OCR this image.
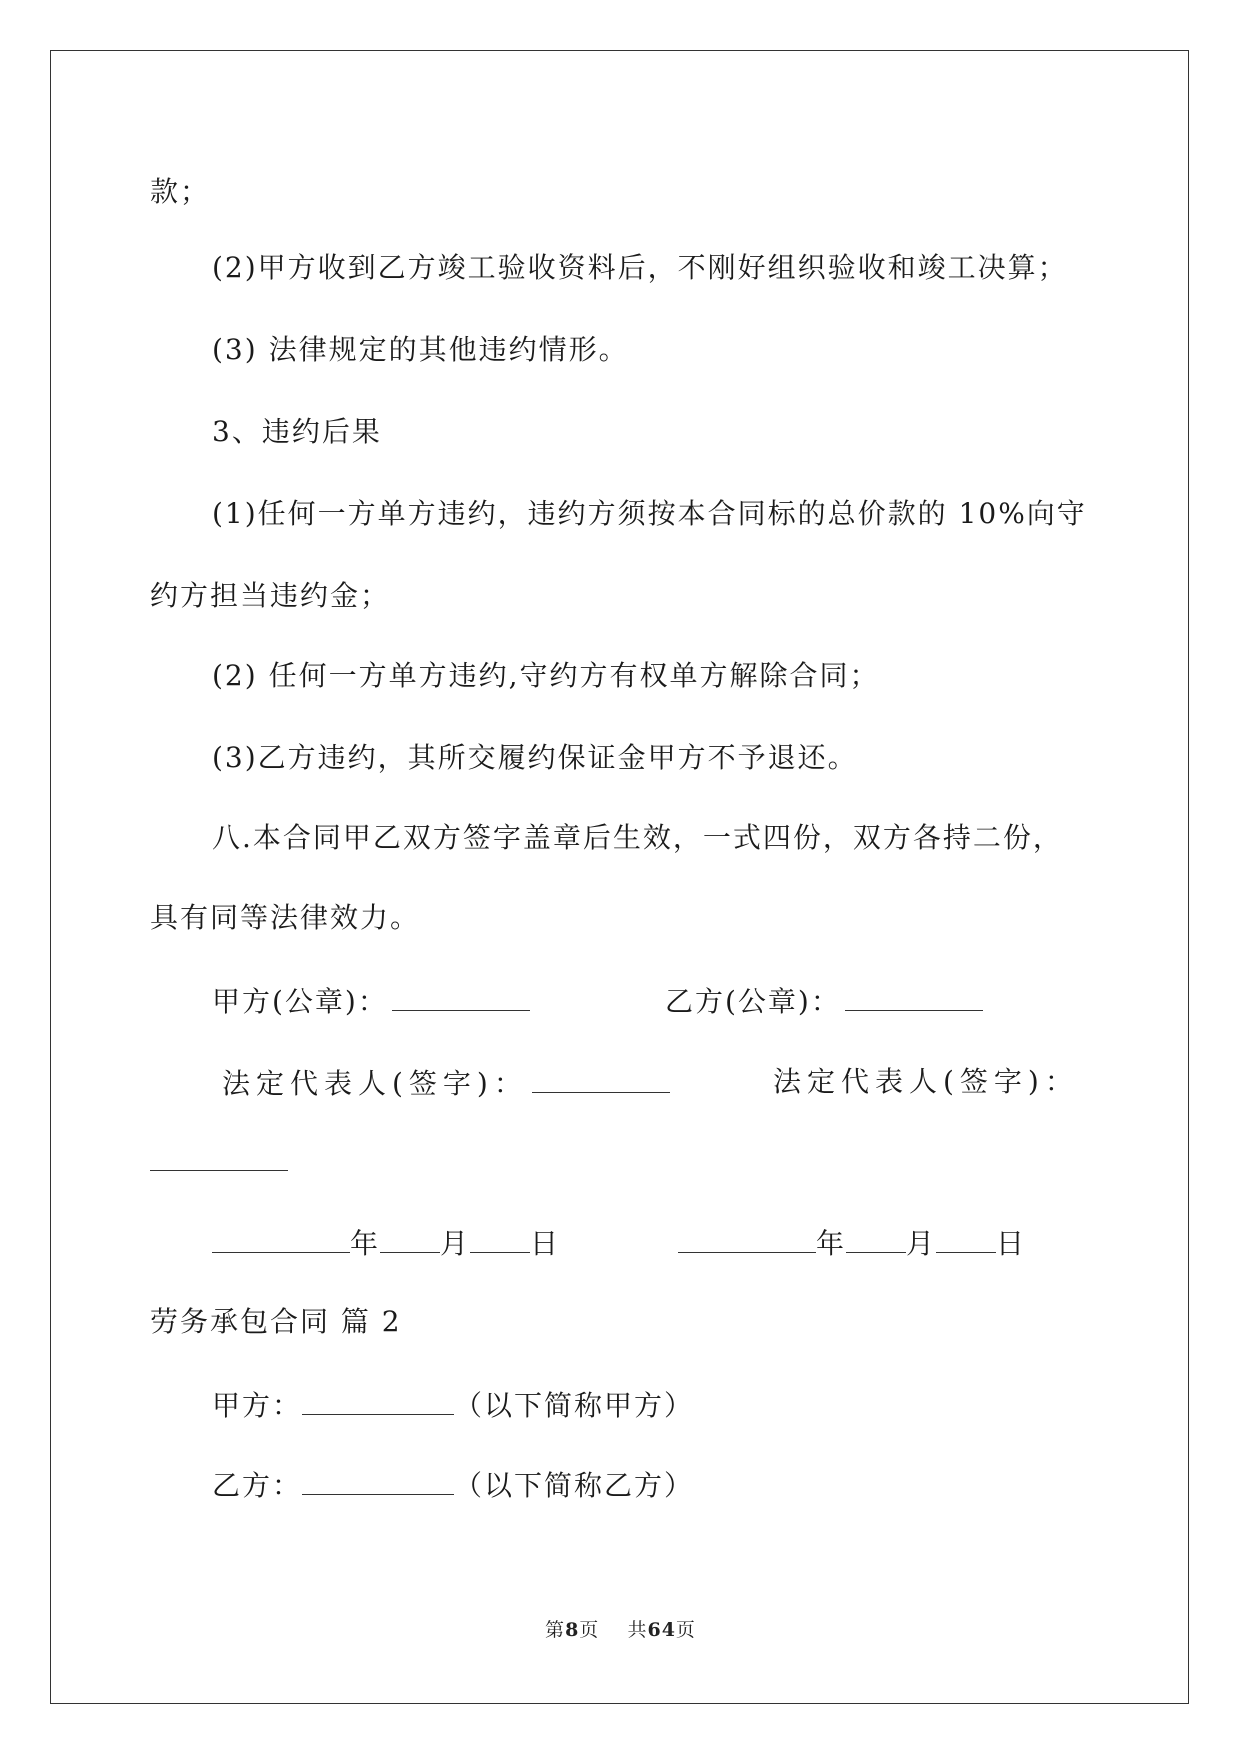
款；
(2)甲方收到乙方竣工验收资料后，不刚好组织验收和竣工决算；
(3) 法律规定的其他违约情形。
3、违约后果
(1)任何一方单方违约，违约方须按本合同标的总价款的 10%向守
约方担当违约金；
(2) 任何一方单方违约,守约方有权单方解除合同；
(3)乙方违约，其所交履约保证金甲方不予退还。
八.本合同甲乙双方签字盖章后生效，一式四份，双方各持二份，
具有同等法律效力。
甲方(公章)：	乙方(公章)：
法定代表人(签字)：	法定代表人(签字)：
年 月 日	年 月 日
劳务承包合同 篇 2
甲方：	（以下简称甲方）
乙方：	（以下简称乙方）
第8页    共64页
